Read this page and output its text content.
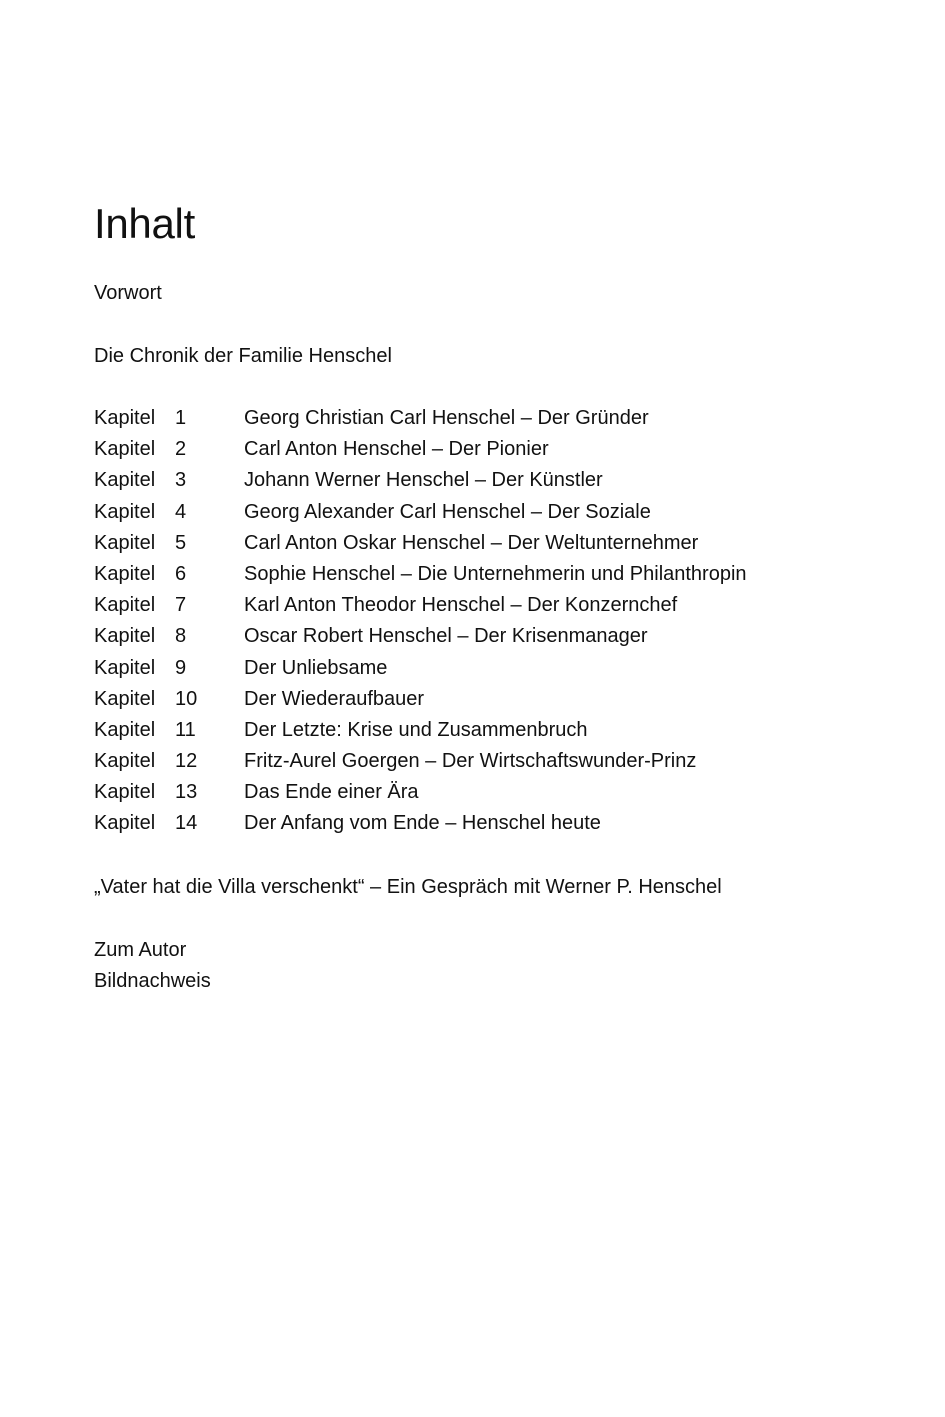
Inhalt
Vorwort
Die Chronik der Familie Henschel
Kapitel 1	Georg Christian Carl Henschel – Der Gründer
Kapitel 2	Carl Anton Henschel – Der Pionier
Kapitel 3	Johann Werner Henschel – Der Künstler
Kapitel 4	Georg Alexander Carl Henschel – Der Soziale
Kapitel 5	Carl Anton Oskar Henschel – Der Weltunternehmer
Kapitel 6	Sophie Henschel – Die Unternehmerin und Philanthropin
Kapitel 7	Karl Anton Theodor Henschel – Der Konzernchef
Kapitel 8	Oscar Robert Henschel – Der Krisenmanager
Kapitel 9	Der Unliebsame
Kapitel 10 Der Wiederaufbauer
Kapitel 11 Der Letzte: Krise und Zusammenbruch
Kapitel 12 Fritz-Aurel Goergen – Der Wirtschaftswunder-Prinz
Kapitel 13 Das Ende einer Ära
Kapitel 14 Der Anfang vom Ende – Henschel heute
„Vater hat die Villa verschenkt“ – Ein Gespräch mit Werner P. Henschel
Zum Autor
Bildnachweis
